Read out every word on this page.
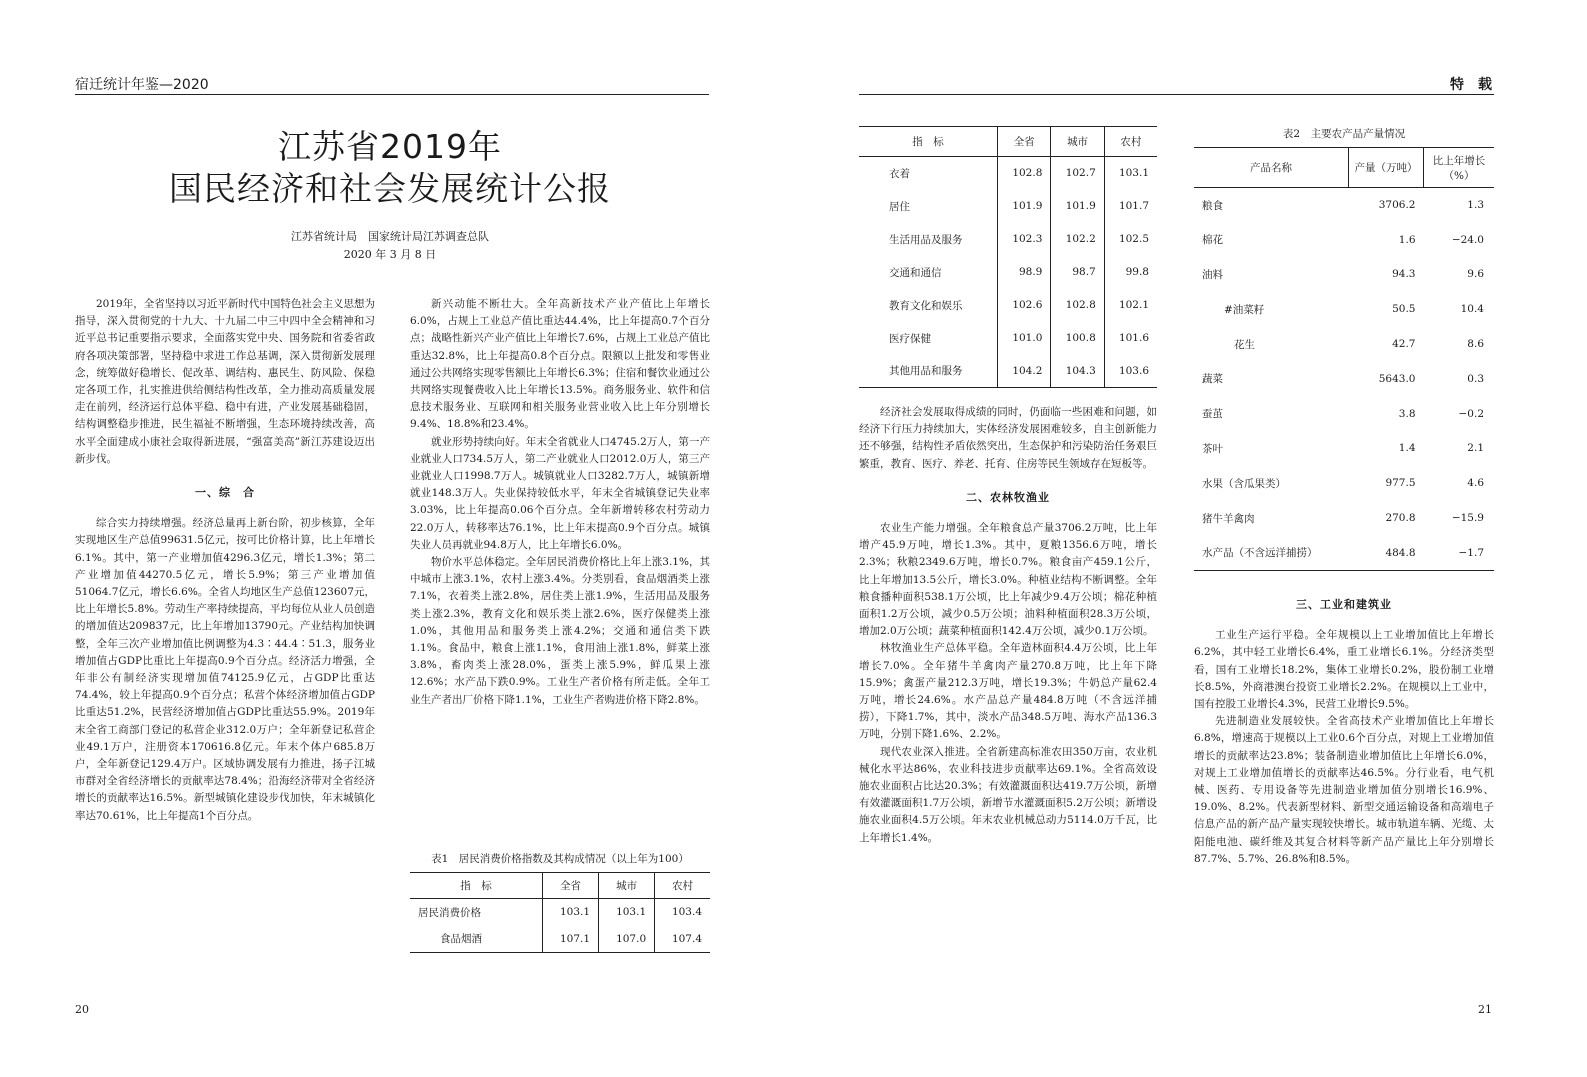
宿迁统计年鉴—2020
江苏省2019年
国民经济和社会发展统计公报
江苏省统计局　国家统计局江苏调查总队
2020 年 3 月 8 日

2019年，全省坚持以习近平新时代中国特色社会主义思想为指导，深入贯彻党的十九大、十九届二中三中四中全会精神和习近平总书记重要指示要求，全面落实党中央、国务院和省委省政府各项决策部署，坚持稳中求进工作总基调，深入贯彻新发展理念，统筹做好稳增长、促改革、调结构、惠民生、防风险、保稳定各项工作，扎实推进供给侧结构性改革，全力推动高质量发展走在前列，经济运行总体平稳、稳中有进，产业发展基础稳固，结构调整稳步推进，民生福祉不断增强，生态环境持续改善，高水平全面建成小康社会取得新进展，“强富美高”新江苏建设迈出新步伐。

一、综　合

综合实力持续增强。经济总量再上新台阶，初步核算，全年实现地区生产总值99631.5亿元，按可比价格计算，比上年增长6.1%。其中，第一产业增加值4296.3亿元，增长1.3%；第二产业增加值44270.5亿元，增长5.9%；第三产业增加值51064.7亿元，增长6.6%。全省人均地区生产总值123607元，比上年增长5.8%。劳动生产率持续提高，平均每位从业人员创造的增加值达209837元，比上年增加13790元。产业结构加快调整，全年三次产业增加值比例调整为4.3∶44.4∶51.3，服务业增加值占GDP比重比上年提高0.9个百分点。经济活力增强，全年非公有制经济实现增加值74125.9亿元，占GDP比重达74.4%，较上年提高0.9个百分点；私营个体经济增加值占GDP比重达51.2%，民营经济增加值占GDP比重达55.9%。2019年末全省工商部门登记的私营企业312.0万户；全年新登记私营企业49.1万户，注册资本170616.8亿元。年末个体户685.8万户，全年新登记129.4万户。区域协调发展有力推进，扬子江城市群对全省经济增长的贡献率达78.4%；沿海经济带对全省经济增长的贡献率达16.5%。新型城镇化建设步伐加快，年末城镇化率达70.61%，比上年提高1个百分点。

新兴动能不断壮大。全年高新技术产业产值比上年增长6.0%，占规上工业总产值比重达44.4%，比上年提高0.7个百分点；战略性新兴产业产值比上年增长7.6%，占规上工业总产值比重达32.8%，比上年提高0.8个百分点。限额以上批发和零售业通过公共网络实现零售额比上年增长6.3%；住宿和餐饮业通过公共网络实现餐费收入比上年增长13.5%。商务服务业、软件和信息技术服务业、互联网和相关服务业营业收入比上年分别增长9.4%、18.8%和23.4%。

就业形势持续向好。年末全省就业人口4745.2万人，第一产业就业人口734.5万人，第二产业就业人口2012.0万人，第三产业就业人口1998.7万人。城镇就业人口3282.7万人，城镇新增就业148.3万人。失业保持较低水平，年末全省城镇登记失业率3.03%，比上年提高0.06个百分点。全年新增转移农村劳动力22.0万人，转移率达76.1%，比上年末提高0.9个百分点。城镇失业人员再就业94.8万人，比上年增长6.0%。

物价水平总体稳定。全年居民消费价格比上年上涨3.1%，其中城市上涨3.1%，农村上涨3.4%。分类别看，食品烟酒类上涨7.1%，衣着类上涨2.8%，居住类上涨1.9%，生活用品及服务类上涨2.3%，教育文化和娱乐类上涨2.6%，医疗保健类上涨1.0%，其他用品和服务类上涨4.2%；交通和通信类下跌1.1%。食品中，粮食上涨1.1%，食用油上涨1.8%，鲜菜上涨3.8%，畜肉类上涨28.0%，蛋类上涨5.9%，鲜瓜果上涨12.6%；水产品下跌0.9%。工业生产者价格有所走低。全年工业生产者出厂价格下降1.1%，工业生产者购进价格下降2.8%。

表1　居民消费价格指数及其构成情况（以上年为100）
指　标	全省	城市	农村
居民消费价格	103.1	103.1	103.4
食品烟酒	107.1	107.0	107.4
20
特　载
指　标	全省	城市	农村
衣着	102.8	102.7	103.1
居住	101.9	101.9	101.7
生活用品及服务	102.3	102.2	102.5
交通和通信	98.9	98.7	99.8
教育文化和娱乐	102.6	102.8	102.1
医疗保健	101.0	100.8	101.6
其他用品和服务	104.2	104.3	103.6

经济社会发展取得成绩的同时，仍面临一些困难和问题，如经济下行压力持续加大，实体经济发展困难较多，自主创新能力还不够强，结构性矛盾依然突出，生态保护和污染防治任务艰巨繁重，教育、医疗、养老、托育、住房等民生领域存在短板等。

二、农林牧渔业

农业生产能力增强。全年粮食总产量3706.2万吨，比上年增产45.9万吨，增长1.3%。其中，夏粮1356.6万吨，增长2.3%；秋粮2349.6万吨，增长0.7%。粮食亩产459.1公斤，比上年增加13.5公斤，增长3.0%。种植业结构不断调整。全年粮食播种面积538.1万公顷，比上年减少9.4万公顷；棉花种植面积1.2万公顷，减少0.5万公顷；油料种植面积28.3万公顷，增加2.0万公顷；蔬菜种植面积142.4万公顷，减少0.1万公顷。

林牧渔业生产总体平稳。全年造林面积4.4万公顷，比上年增长7.0%。全年猪牛羊禽肉产量270.8万吨，比上年下降15.9%；禽蛋产量212.3万吨，增长19.3%；牛奶总产量62.4万吨，增长24.6%。水产品总产量484.8万吨（不含远洋捕捞），下降1.7%，其中，淡水产品348.5万吨、海水产品136.3万吨，分别下降1.6%、2.2%。

现代农业深入推进。全省新建高标准农田350万亩，农业机械化水平达86%，农业科技进步贡献率达69.1%。全省高效设施农业面积占比达20.3%；有效灌溉面积达419.7万公顷，新增有效灌溉面积1.7万公顷，新增节水灌溉面积5.2万公顷；新增设施农业面积4.5万公顷。年末农业机械总动力5114.0万千瓦，比上年增长1.4%。

表2　主要农产品产量情况
产品名称	产量（万吨）	比上年增长（%）
粮食	3706.2	1.3
棉花	1.6	−24.0
油料	94.3	9.6
#油菜籽	50.5	10.4
花生	42.7	8.6
蔬菜	5643.0	0.3
蚕茧	3.8	−0.2
茶叶	1.4	2.1
水果（含瓜果类）	977.5	4.6
猪牛羊禽肉	270.8	−15.9
水产品（不含远洋捕捞）	484.8	−1.7
三、工业和建筑业

工业生产运行平稳。全年规模以上工业增加值比上年增长6.2%，其中轻工业增长6.4%，重工业增长6.1%。分经济类型看，国有工业增长18.2%，集体工业增长0.2%，股份制工业增长8.5%，外商港澳台投资工业增长2.2%。在规模以上工业中，国有控股工业增长4.3%，民营工业增长9.5%。

先进制造业发展较快。全省高技术产业增加值比上年增长6.8%，增速高于规模以上工业0.6个百分点，对规上工业增加值增长的贡献率达23.8%；装备制造业增加值比上年增长6.0%，对规上工业增加值增长的贡献率达46.5%。分行业看，电气机械、医药、专用设备等先进制造业增加值分别增长16.9%、19.0%、8.2%。代表新型材料、新型交通运输设备和高端电子信息产品的新产品产量实现较快增长。城市轨道车辆、光缆、太阳能电池、碳纤维及其复合材料等新产品产量比上年分别增长87.7%、5.7%、26.8%和8.5%。

21
